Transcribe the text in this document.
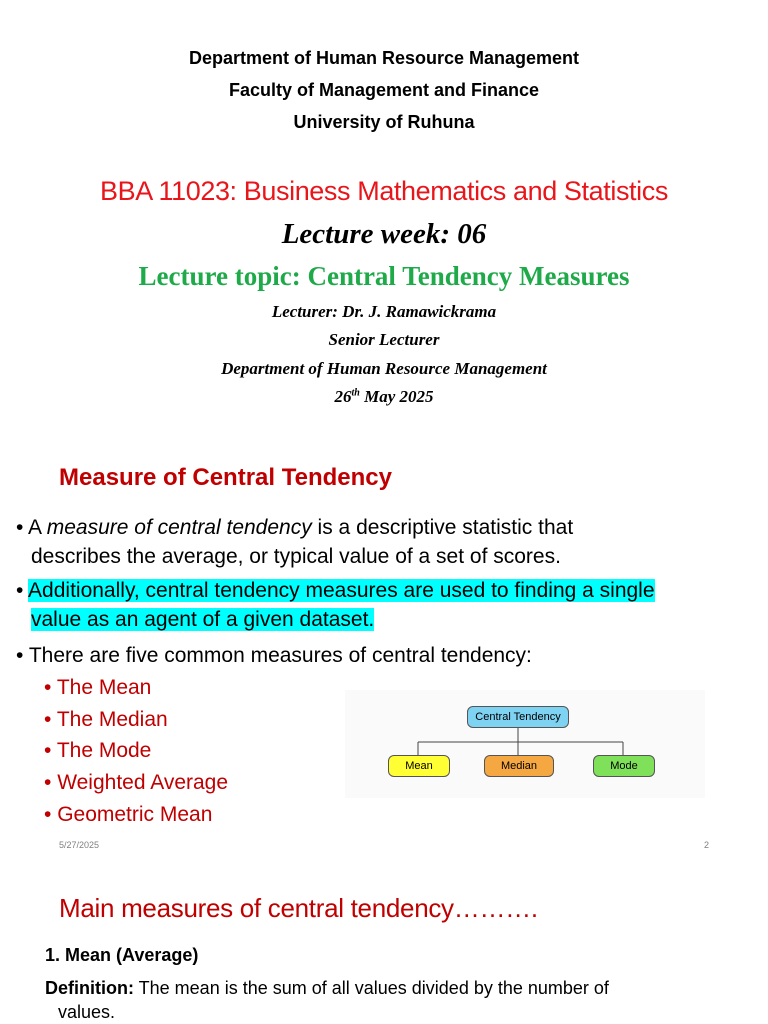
Department of Human Resource Management
Faculty of Management and Finance
University of Ruhuna
BBA 11023: Business Mathematics and Statistics
Lecture week: 06
Lecture topic: Central Tendency Measures
Lecturer: Dr. J. Ramawickrama
Senior Lecturer
Department of Human Resource Management
26th May 2025
Measure of Central Tendency
• A measure of central tendency is a descriptive statistic that
describes the average, or typical value of a set of scores.
• Additionally, central tendency measures are used to finding a single
value as an agent of a given dataset.
• There are five common measures of central tendency:
• The Mean
• The Median
• The Mode
• Weighted Average
• Geometric Mean
Central Tendency
Mean	Median	Mode
5/27/2025	2
Main measures of central tendency……….
1. Mean (Average)
Definition: The mean is the sum of all values divided by the number of
values.
